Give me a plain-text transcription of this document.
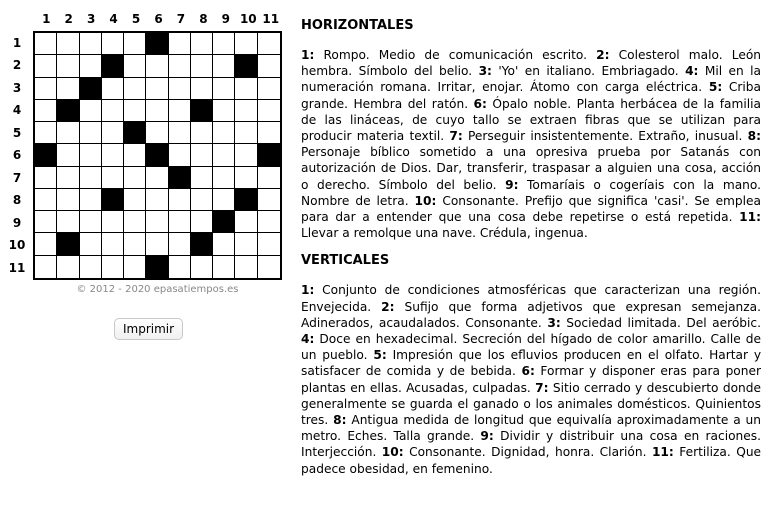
1	2	3	4	5	6	7	8	9 10 11
1
2
3
4
5
6
7
8
9
10
11
© 2012 - 2020 epasatiempos.es
Imprimir
HORIZONTALES

1: Rompo. Medio de comunicación escrito. 2: Colesterol malo. León hembra. Símbolo del belio. 3: 'Yo' en italiano. Embriagado. 4: Mil en la numeración romana. Irritar, enojar. Átomo con carga eléctrica. 5: Criba grande. Hembra del ratón. 6: Ópalo noble. Planta herbácea de la familia de las lináceas, de cuyo tallo se extraen fibras que se utilizan para producir materia textil. 7: Perseguir insistentemente. Extraño, inusual. 8: Personaje bíblico sometido a una opresiva prueba por Satanás con autorización de Dios. Dar, transferir, traspasar a alguien una cosa, acción o derecho. Símbolo del belio. 9: Tomaríais o cogeríais con la mano. Nombre de letra. 10: Consonante. Prefijo que significa 'casi'. Se emplea para dar a entender que una cosa debe repetirse o está repetida. 11: Llevar a remolque una nave. Crédula, ingenua.

VERTICALES

1: Conjunto de condiciones atmosféricas que caracterizan una región. Envejecida. 2: Sufijo que forma adjetivos que expresan semejanza. Adinerados, acaudalados. Consonante. 3: Sociedad limitada. Del aeróbic. 4: Doce en hexadecimal. Secreción del hígado de color amarillo. Calle de un pueblo. 5: Impresión que los efluvios producen en el olfato. Hartar y satisfacer de comida y de bebida. 6: Formar y disponer eras para poner plantas en ellas. Acusadas, culpadas. 7: Sitio cerrado y descubierto donde generalmente se guarda el ganado o los animales domésticos. Quinientos tres. 8: Antigua medida de longitud que equivalía aproximadamente a un metro. Eches. Talla grande. 9: Dividir y distribuir una cosa en raciones. Interjección. 10: Consonante. Dignidad, honra. Clarión. 11: Fertiliza. Que padece obesidad, en femenino.
